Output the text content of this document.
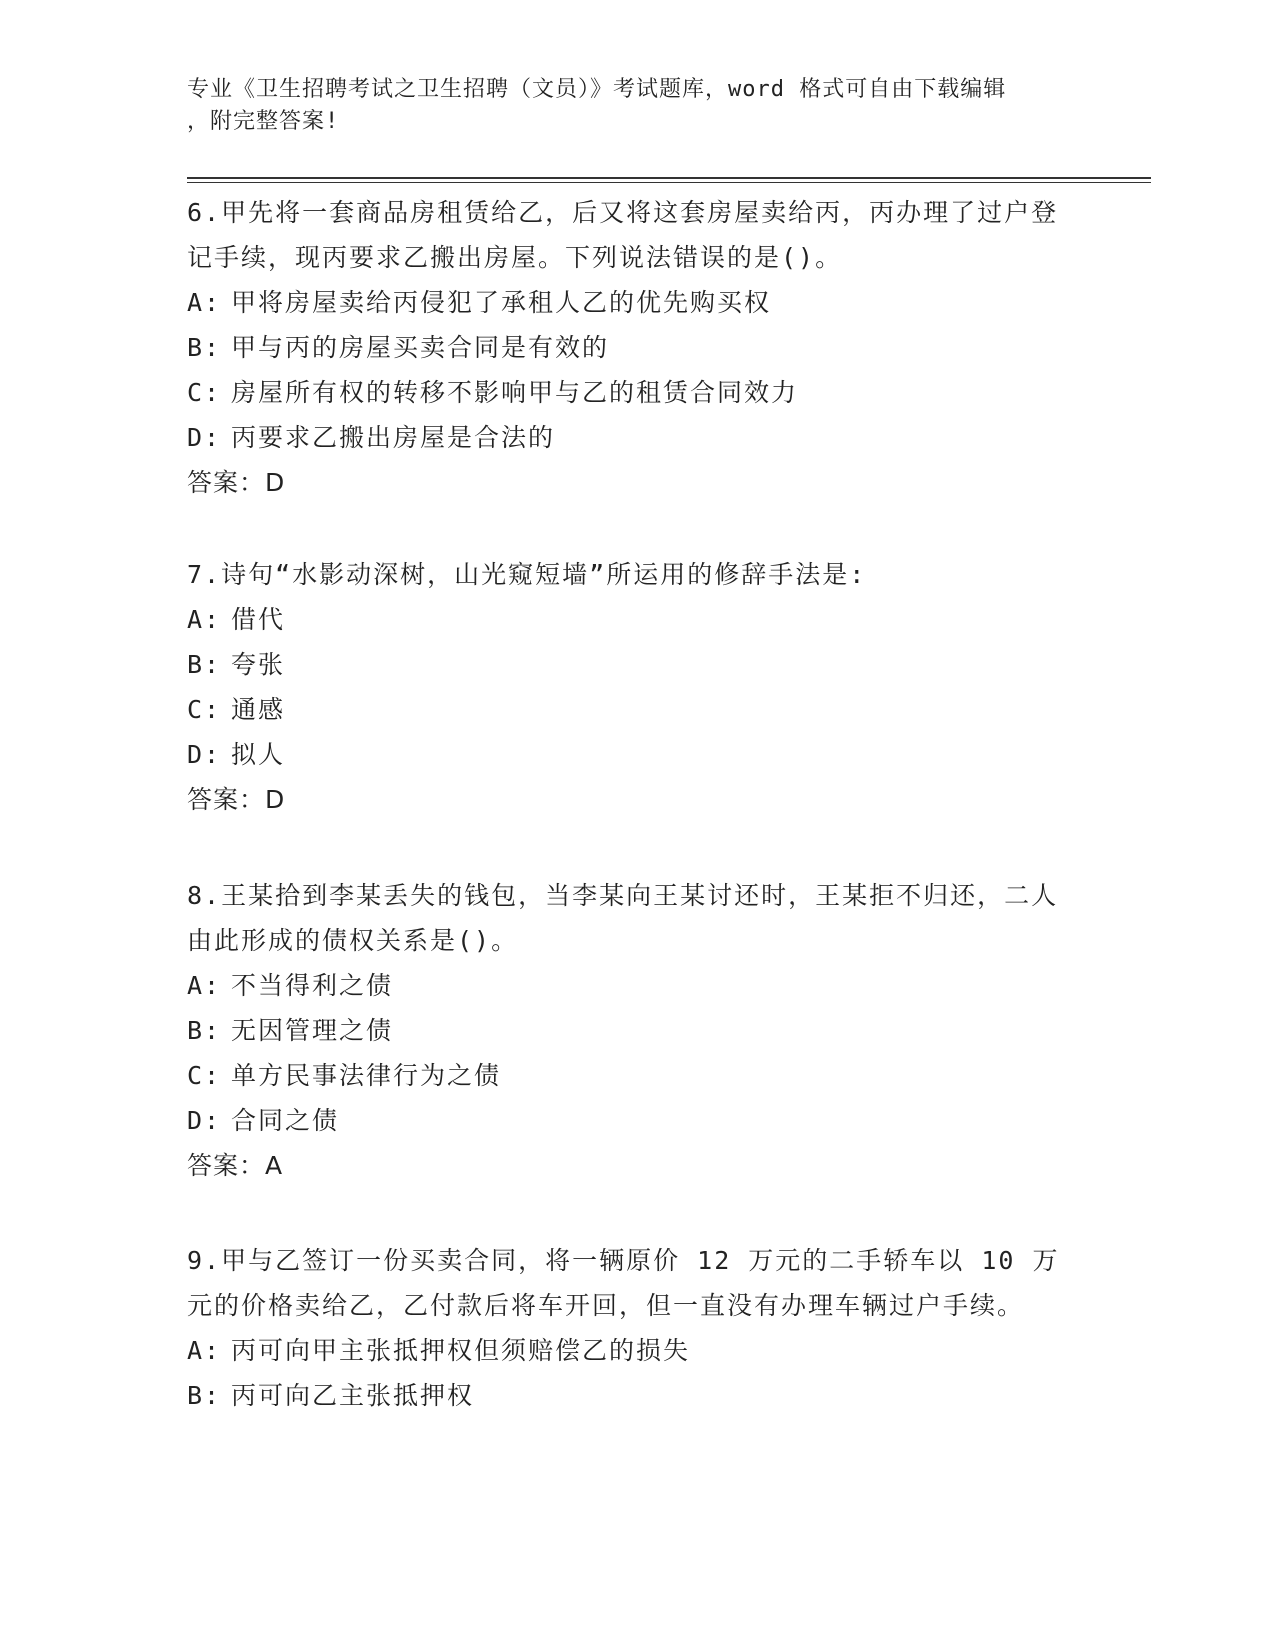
专业《卫生招聘考试之卫生招聘（文员）》考试题库，word 格式可自由下载编辑
，附完整答案!

6.甲先将一套商品房租赁给乙，后又将这套房屋卖给丙，丙办理了过户登记手续，现丙要求乙搬出房屋。下列说法错误的是()。

A: 甲将房屋卖给丙侵犯了承租人乙的优先购买权

B: 甲与丙的房屋买卖合同是有效的

C: 房屋所有权的转移不影响甲与乙的租赁合同效力

D: 丙要求乙搬出房屋是合法的

答案：D

7.诗句“水影动深树，山光窥短墙”所运用的修辞手法是:

A: 借代

B: 夸张

C: 通感

D: 拟人

答案：D

8.王某拾到李某丢失的钱包，当李某向王某讨还时，王某拒不归还，二人由此形成的债权关系是()。

A: 不当得利之债

B: 无因管理之债

C: 单方民事法律行为之债

D: 合同之债

答案：A

9.甲与乙签订一份买卖合同，将一辆原价 12 万元的二手轿车以 10 万元的价格卖给乙，乙付款后将车开回，但一直没有办理车辆过户手续。

A: 丙可向甲主张抵押权但须赔偿乙的损失

B: 丙可向乙主张抵押权
